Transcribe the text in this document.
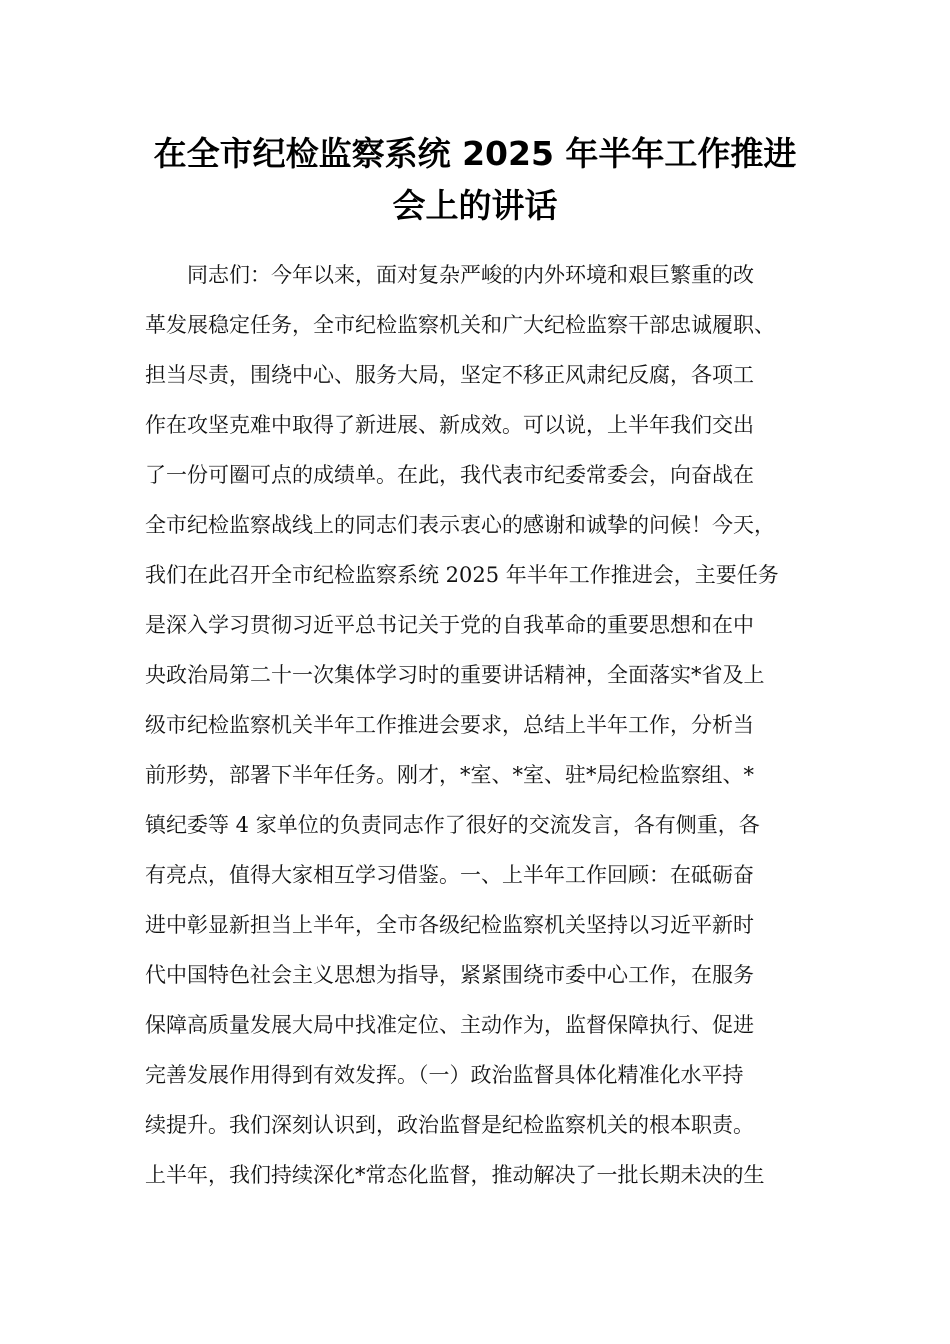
在全市纪检监察系统 2025 年半年工作推进
会上的讲话

　　同志们：今年以来，面对复杂严峻的内外环境和艰巨繁重的改

革发展稳定任务，全市纪检监察机关和广大纪检监察干部忠诚履职、

担当尽责，围绕中心、服务大局，坚定不移正风肃纪反腐，各项工

作在攻坚克难中取得了新进展、新成效。可以说，上半年我们交出

了一份可圈可点的成绩单。在此，我代表市纪委常委会，向奋战在

全市纪检监察战线上的同志们表示衷心的感谢和诚挚的问候！今天，

我们在此召开全市纪检监察系统 2025 年半年工作推进会，主要任务

是深入学习贯彻习近平总书记关于党的自我革命的重要思想和在中

央政治局第二十一次集体学习时的重要讲话精神，全面落实*省及上

级市纪检监察机关半年工作推进会要求，总结上半年工作，分析当

前形势，部署下半年任务。刚才，*室、*室、驻*局纪检监察组、*

镇纪委等 4 家单位的负责同志作了很好的交流发言，各有侧重，各

有亮点，值得大家相互学习借鉴。一、上半年工作回顾：在砥砺奋

进中彰显新担当上半年，全市各级纪检监察机关坚持以习近平新时

代中国特色社会主义思想为指导，紧紧围绕市委中心工作，在服务

保障高质量发展大局中找准定位、主动作为，监督保障执行、促进

完善发展作用得到有效发挥。（一）政治监督具体化精准化水平持

续提升。我们深刻认识到，政治监督是纪检监察机关的根本职责。

上半年，我们持续深化*常态化监督，推动解决了一批长期未决的生
